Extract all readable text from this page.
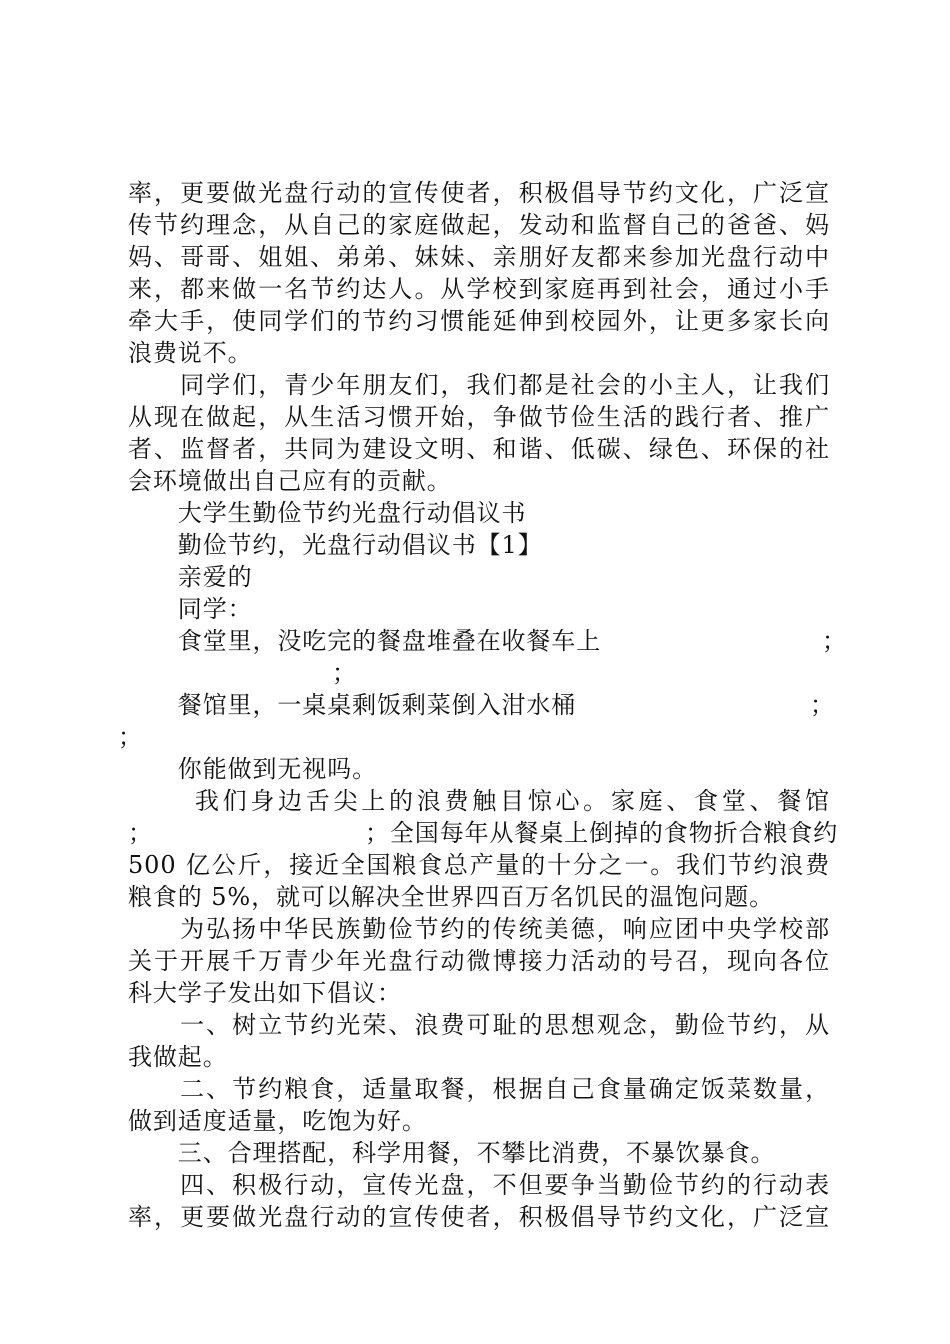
率，更要做光盘行动的宣传使者，积极倡导节约文化，广泛宣
传节约理念，从自己的家庭做起，发动和监督自己的爸爸、妈
妈、哥哥、姐姐、弟弟、妹妹、亲朋好友都来参加光盘行动中
来，都来做一名节约达人。从学校到家庭再到社会，通过小手
牵大手，使同学们的节约习惯能延伸到校园外，让更多家长向
浪费说不。
　　同学们，青少年朋友们，我们都是社会的小主人，让我们
从现在做起，从生活习惯开始，争做节俭生活的践行者、推广
者、监督者，共同为建设文明、和谐、低碳、绿色、环保的社
会环境做出自己应有的贡献。
　　大学生勤俭节约光盘行动倡议书
　　勤俭节约，光盘行动倡议书【1】
　　亲爱的
　　同学：
　　食堂里，没吃完的餐盘堆叠在收餐车上	；
；
　　餐馆里，一桌桌剩饭剩菜倒入泔水桶	；
；
　　你能做到无视吗。
　　 我们身边舌尖上的浪费触目惊心。家庭、食堂、餐馆
；　　　　　　　　　；全国每年从餐桌上倒掉的食物折合粮食约
500 亿公斤，接近全国粮食总产量的十分之一。我们节约浪费
粮食的 5%，就可以解决全世界四百万名饥民的温饱问题。
　　为弘扬中华民族勤俭节约的传统美德，响应团中央学校部
关于开展千万青少年光盘行动微博接力活动的号召，现向各位
科大学子发出如下倡议：
　　一、树立节约光荣、浪费可耻的思想观念，勤俭节约，从
我做起。
　　二、节约粮食，适量取餐，根据自己食量确定饭菜数量，
做到适度适量，吃饱为好。
　　三、合理搭配，科学用餐，不攀比消费，不暴饮暴食。
　　四、积极行动，宣传光盘，不但要争当勤俭节约的行动表
率，更要做光盘行动的宣传使者，积极倡导节约文化，广泛宣
